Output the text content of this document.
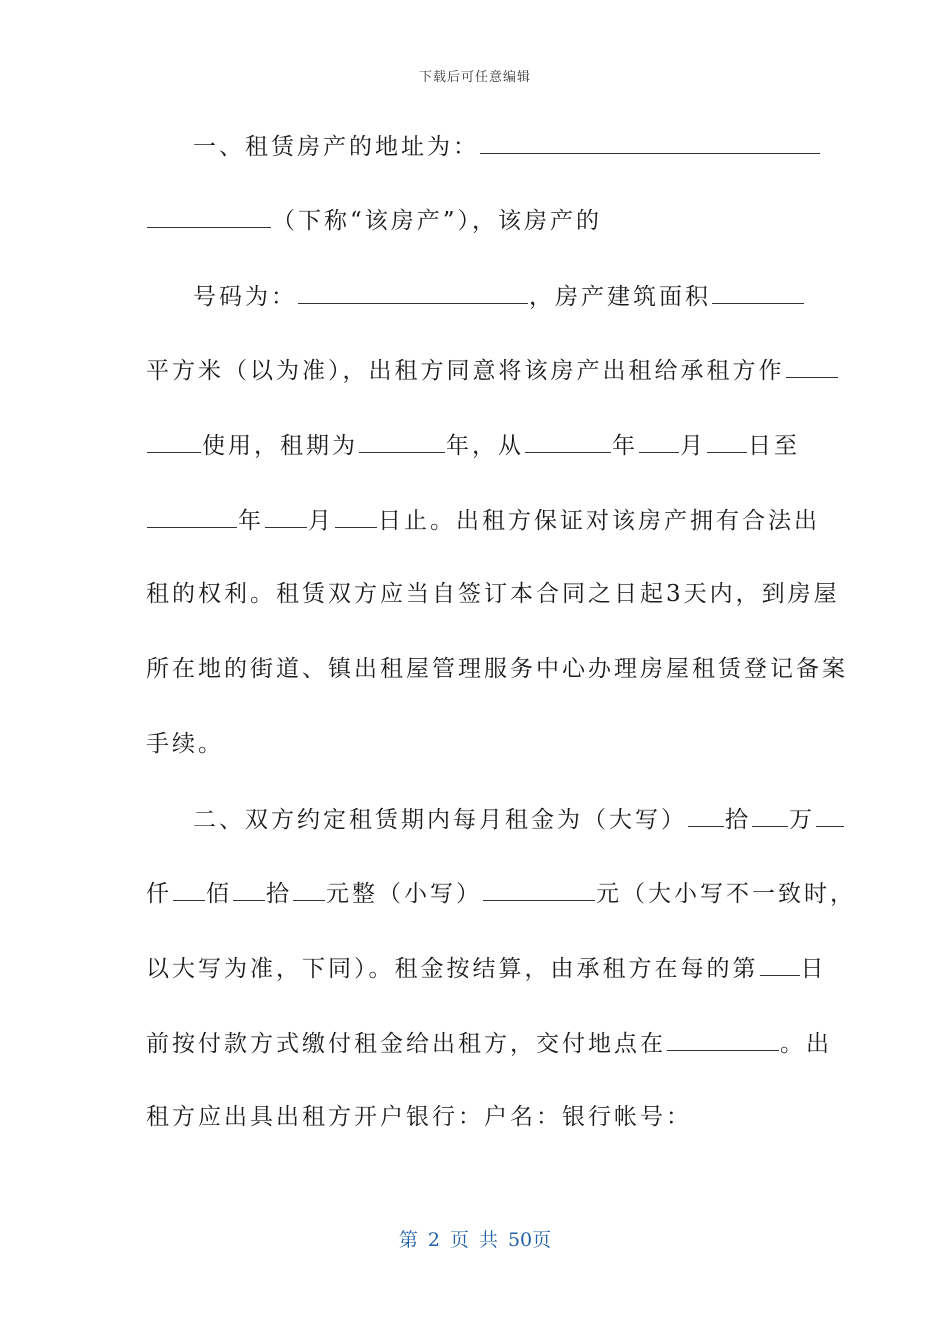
下载后可任意编辑
一、租赁房产的地址为：
（下称“该房产”），该房产的
号码为：	，房产建筑面积
平方米（以为准），出租方同意将该房产出租给承租方作
使用，租期为	年，从	年 月 日至
年 月 日止。出租方保证对该房产拥有合法出
租的权利。租赁双方应当自签订本合同之日起3天内，到房屋
所在地的街道、镇出租屋管理服务中心办理房屋租赁登记备案
手续。
二、双方约定租赁期内每月租金为（大写） 拾 万
仟 佰 拾 元整（小写）	元（大小写不一致时，
以大写为准，下同）。租金按结算，由承租方在每的第 日
前按付款方式缴付租金给出租方，交付地点在	。出
租方应出具出租方开户银行：户名：银行帐号：
第 2 页 共 50页
